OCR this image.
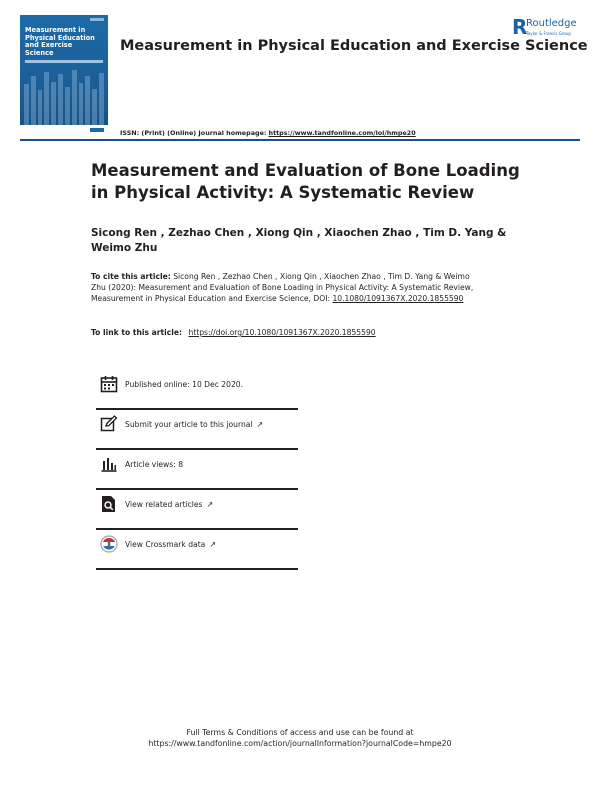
Measurement in
Physical Education
and Exercise
Science	Measurement in Physical Education and Exercise Science
R
Routledge
Taylor & Francis Group
ISSN: (Print) (Online) Journal homepage: https://www.tandfonline.com/loi/hmpe20
Measurement and Evaluation of Bone Loading in Physical Activity: A Systematic Review
Sicong Ren , Zezhao Chen , Xiong Qin , Xiaochen Zhao , Tim D. Yang & Weimo Zhu
To cite this article: Sicong Ren , Zezhao Chen , Xiong Qin , Xiaochen Zhao , Tim D. Yang & Weimo Zhu (2020): Measurement and Evaluation of Bone Loading in Physical Activity: A Systematic Review, Measurement in Physical Education and Exercise Science, DOI: 10.1080/1091367X.2020.1855590
To link to this article: https://doi.org/10.1080/1091367X.2020.1855590
Published online: 10 Dec 2020.
Submit your article to this journal ↗
Article views: 8
View related articles ↗
View Crossmark data ↗
Full Terms & Conditions of access and use can be found at
https://www.tandfonline.com/action/journalInformation?journalCode=hmpe20
